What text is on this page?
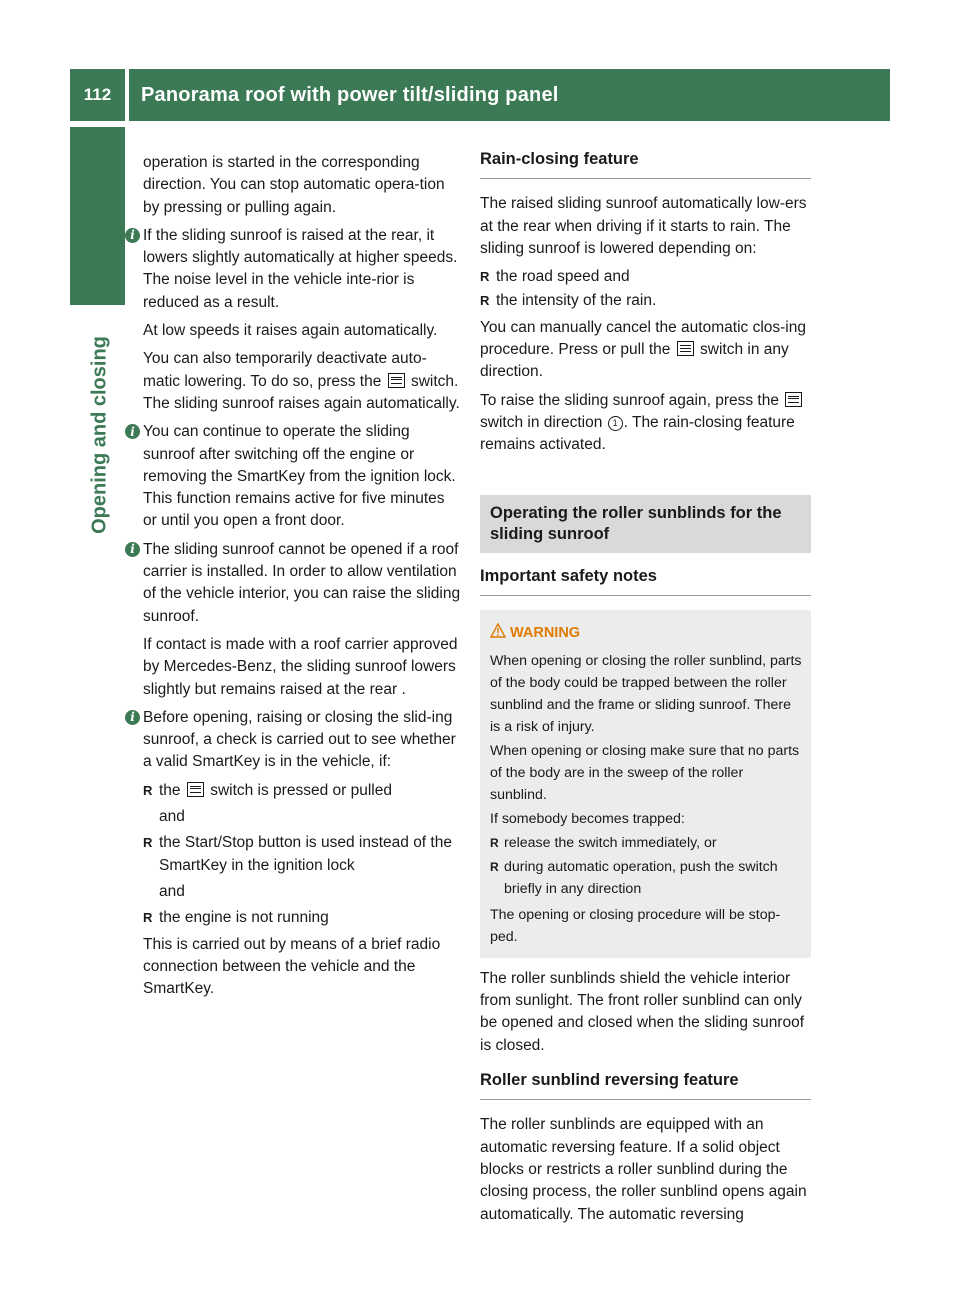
112	Panorama roof with power tilt/sliding panel
Opening and closing

operation is started in the corresponding direction. You can stop automatic opera-tion by pressing or pulling again.

i If the sliding sunroof is raised at the rear, it lowers slightly automatically at higher speeds. The noise level in the vehicle inte-rior is reduced as a result.

At low speeds it raises again automatically.

You can also temporarily deactivate auto-matic lowering. To do so, press the switch. The sliding sunroof raises again automatically.

i You can continue to operate the sliding sunroof after switching off the engine or removing the SmartKey from the ignition lock. This function remains active for five minutes or until you open a front door.

i The sliding sunroof cannot be opened if a roof carrier is installed. In order to allow ventilation of the vehicle interior, you can raise the sliding sunroof.

If contact is made with a roof carrier approved by Mercedes-Benz, the sliding sunroof lowers slightly but remains raised at the rear .

i Before opening, raising or closing the slid-ing sunroof, a check is carried out to see whether a valid SmartKey is in the vehicle, if:

R the switch is pressed or pulled
and
R the Start/Stop button is used instead of the SmartKey in the ignition lock
and
R the engine is not running

This is carried out by means of a brief radio connection between the vehicle and the SmartKey.

Rain-closing feature

The raised sliding sunroof automatically low-ers at the rear when driving if it starts to rain. The sliding sunroof is lowered depending on:

R the road speed and
R the intensity of the rain.

You can manually cancel the automatic clos-ing procedure. Press or pull the switch in any direction.

To raise the sliding sunroof again, press the  switch in direction 1 . The rain-closing feature remains activated.

Operating the roller sunblinds for the sliding sunroof
Important safety notes
WARNING

When opening or closing the roller sunblind, parts of the body could be trapped between the roller sunblind and the frame or sliding sunroof. There is a risk of injury.

When opening or closing make sure that no parts of the body are in the sweep of the roller sunblind.

If somebody becomes trapped:

R release the switch immediately, or
R during automatic operation, push the switch briefly in any direction

The opening or closing procedure will be stop-ped.

The roller sunblinds shield the vehicle interior from sunlight. The front roller sunblind can only be opened and closed when the sliding sunroof is closed.

Roller sunblind reversing feature

The roller sunblinds are equipped with an automatic reversing feature. If a solid object blocks or restricts a roller sunblind during the closing process, the roller sunblind opens again automatically. The automatic reversing
